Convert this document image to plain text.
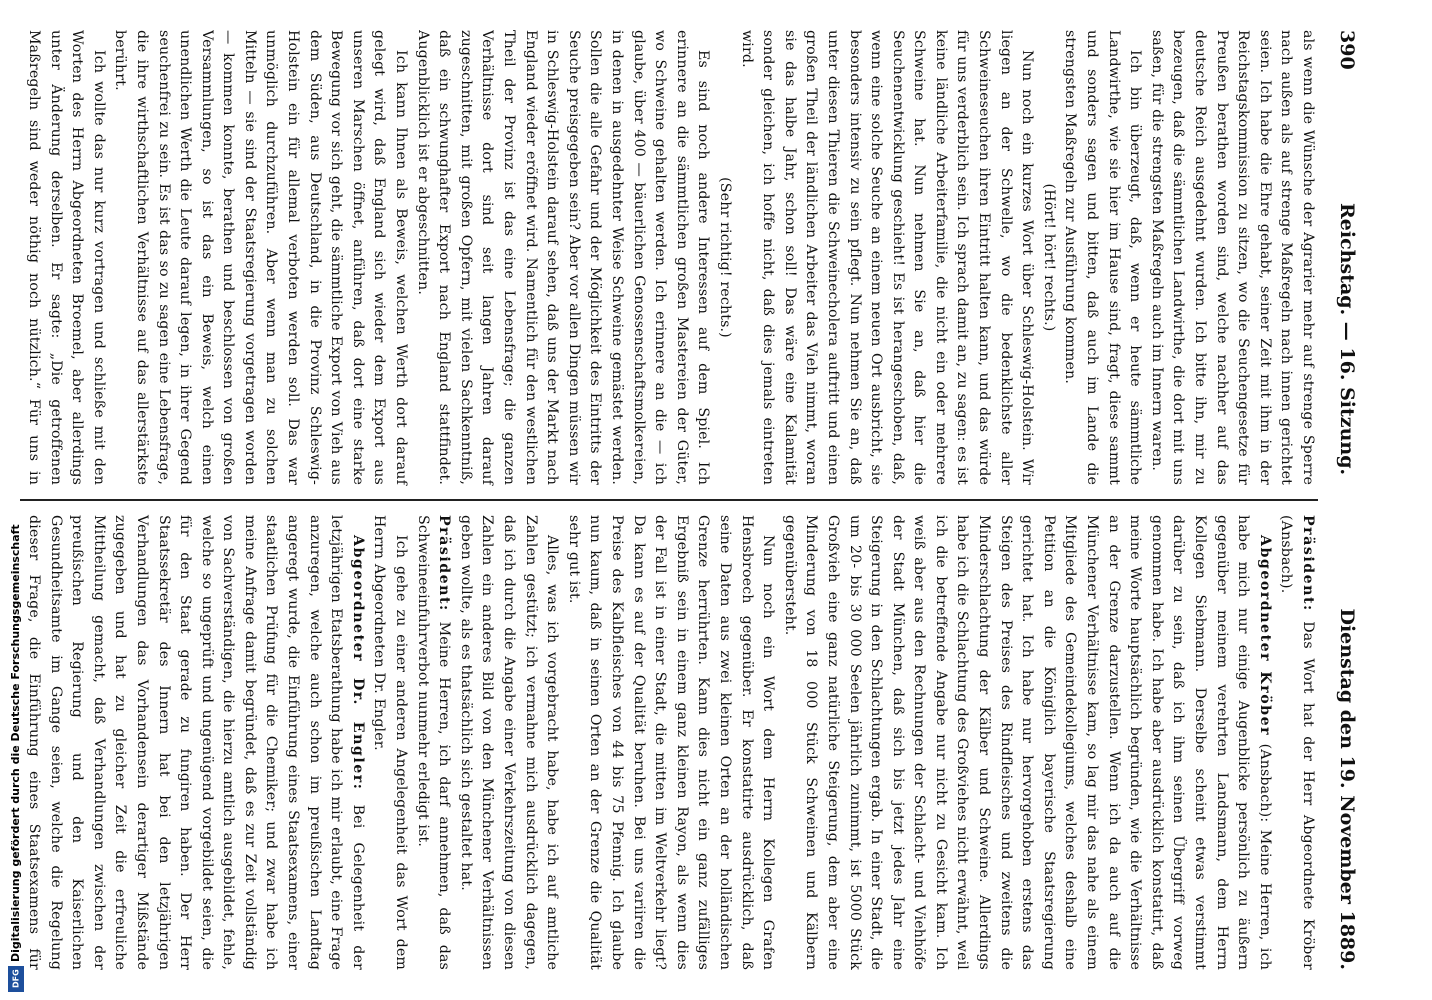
390
Reichstag. — 16. Sitzung.
Dienstag den 19. November 1889.

als wenn die Wünsche der Agrarier mehr auf strenge Sperre nach außen als auf strenge Maßregeln nach innen gerichtet seien. Ich habe die Ehre gehabt, seiner Zeit mit ihm in der Reichstagskommission zu sitzen, wo die Seuchengesetze für Preußen berathen worden sind, welche nachher auf das deutsche Reich ausgedehnt wurden. Ich bitte ihn, mir zu bezeugen, daß die sämmtlichen Landwirthe, die dort mit uns saßen, für die strengsten Maßregeln auch im Innern waren.

Ich bin überzeugt, daß, wenn er heute sämmtliche Landwirthe, wie sie hier im Hause sind, fragt, diese sammt und sonders sagen und bitten, daß auch im Lande die strengsten Maßregeln zur Ausführung kommen.

(Hört! hört! rechts.)

Nun noch ein kurzes Wort über Schleswig-Holstein. Wir liegen an der Schwelle, wo die bedenklichste aller Schweineseuchen ihren Eintritt halten kann, und das würde für uns verderblich sein. Ich sprach damit an, zu sagen: es ist keine ländliche Arbeiterfamilie, die nicht ein oder mehrere Schweine hat. Nun nehmen Sie an, daß hier die Seuchenentwicklung geschieht! Es ist herangeschoben, daß, wenn eine solche Seuche an einem neuen Ort ausbricht, sie besonders intensiv zu sein pflegt. Nun nehmen Sie an, daß unter diesen Thieren die Schweinecholera auftritt und einen großen Theil der ländlichen Arbeiter das Vieh nimmt, woran sie das halbe Jahr, schon soll! Das wäre eine Kalamität sonder gleichen, ich hoffe nicht, daß dies jemals eintreten wird.

(Sehr richtig! rechts.)

Es sind noch andere Interessen auf dem Spiel. Ich erinnere an die sämmtlichen großen Mastereien der Güter, wo Schweine gehalten werden. Ich erinnere an die — ich glaube, über 400 — bäuerlichen Genossenschaftsmolkereien, in denen in ausgedehnter Weise Schweine gemästet werden. Sollen die alle Gefahr und der Möglichkeit des Eintritts der Seuche preisgegeben sein? Aber vor allen Dingen müssen wir in Schleswig-Holstein darauf sehen, daß uns der Markt nach England wieder eröffnet wird. Namentlich für den westlichen Theil der Provinz ist das eine Lebensfrage; die ganzen Verhältnisse dort sind seit langen Jahren darauf zugeschnitten, mit großen Opfern, mit vielen Sachkenntniß, daß ein schwunghafter Export nach England stattfindet. Augenblicklich ist er abgeschnitten.

Ich kann Ihnen als Beweis, welchen Werth dort darauf gelegt wird, daß England sich wieder dem Export aus unseren Marschen öffnet, anführen, daß dort eine starke Bewegung vor sich geht, die sämmtliche Export von Vieh aus dem Süden, aus Deutschland, in die Provinz Schleswig-Holstein ein für allemal verboten werden soll. Das war unmöglich durchzuführen. Aber wenn man zu solchen Mitteln — sie sind der Staatsregierung vorgetragen worden — kommen konnte, berathen und beschlossen von großen Versammlungen, so ist das ein Beweis, welch einen unendlichen Werth die Leute darauf legen, in ihrer Gegend seuchenfrei zu sein. Es ist das so zu sagen eine Lebensfrage, die ihre wirthschaftlichen Verhältnisse auf das allerstärkste berührt.

Ich wollte das nur kurz vortragen und schließe mit den Worten des Herrn Abgeordneten Broemel, aber allerdings unter Änderung derselben. Er sagte: „Die getroffenen Maßregeln sind weder nöthig noch nützlich.“ Für uns in

Präsident: Das Wort hat der Herr Abgeordnete Kröber (Ansbach).

Abgeordneter Kröber (Ansbach): Meine Herren, ich habe mich nur einige Augenblicke persönlich zu äußern gegenüber meinem verehrten Landsmann, dem Herrn Kollegen Siebmann. Derselbe scheint etwas verstimmt darüber zu sein, daß ich ihm seinen Übergriff vorweg genommen habe. Ich habe aber ausdrücklich konstatirt, daß meine Worte hauptsächlich begründen, wie die Verhältnisse an der Grenze darzustellen. Wenn ich da auch auf die Münchener Verhältnisse kam, so lag mir das nahe als einem Mitgliede des Gemeindekollegiums, welches deshalb eine Petition an die Königlich bayerische Staatsregierung gerichtet hat. Ich habe nur hervorgehoben erstens das Steigen des Preises des Rindfleisches und zweitens die Minderschlachtung der Kälber und Schweine. Allerdings habe ich die Schlachtung des Großviehes nicht erwähnt, weil ich die betreffende Angabe nur nicht zu Gesicht kam. Ich weiß aber aus den Rechnungen der Schlacht- und Viehhöfe der Stadt München, daß sich bis jetzt jedes Jahr eine Steigerung in den Schlachtungen ergab. In einer Stadt, die um 20- bis 30 000 Seelen jährlich zunimmt, ist 5000 Stück Großvieh eine ganz natürliche Steigerung, dem aber eine Minderung von 18 000 Stück Schweinen und Kälbern gegenübersteht.

Nun noch ein Wort dem Herrn Kollegen Grafen Hensbroech gegenüber. Er konstatirte ausdrücklich, daß seine Daten aus zwei kleinen Orten an der holländischen Grenze herrührten. Kann dies nicht ein ganz zufälliges Ergebniß sein in einem ganz kleinen Rayon, als wenn dies der Fall ist in einer Stadt, die mitten im Weltverkehr liegt? Da kann es auf der Qualität beruhen. Bei uns variiren die Preise des Kalbfleisches von 44 bis 75 Pfennig. Ich glaube nun kaum, daß in seinen Orten an der Grenze die Qualität sehr gut ist.

Alles, was ich vorgebracht habe, habe ich auf amtliche Zahlen gestützt; ich vermahne mich ausdrücklich dagegen, daß ich durch die Angabe einer Verkehrszeitung von diesen Zahlen ein anderes Bild von den Münchener Verhältnissen geben wollte, als es thatsächlich sich gestaltet hat.

Präsident: Meine Herren, ich darf annehmen, daß das Schweineeinfuhrverbot nunmehr erledigt ist.

Ich gehe zu einer anderen Angelegenheit das Wort dem Herrn Abgeordneten Dr. Engler.

Abgeordneter Dr. Engler: Bei Gelegenheit der letzjährigen Etatsberathung habe ich mir erlaubt, eine Frage anzuregen, welche auch schon im preußischen Landtag angeregt wurde, die Einführung eines Staatsexamens, einer staatlichen Prüfung für die Chemiker; und zwar habe ich meine Anfrage damit begründet, daß es zur Zeit vollständig von Sachverständigen, die hierzu amtlich ausgebildet, fehle, welche so ungeprüft und ungenügend vorgebildet seien, die für den Staat gerade zu fungiren haben. Der Herr Staatssekretär des Innern hat bei den letzjährigen Verhandlungen das Vorhandensein derartiger Mißstände zugegeben und hat zu gleicher Zeit die erfreuliche Mittheilung gemacht, daß Verhandlungen zwischen der preußischen Regierung und den Kaiserlichen Gesundheitsamte im Gange seien, welche die Regelung dieser Frage, die Einführung eines Staatsexamens für

Digitalisierung gefördert durch die Deutsche Forschungsgemeinschaft
DFG
